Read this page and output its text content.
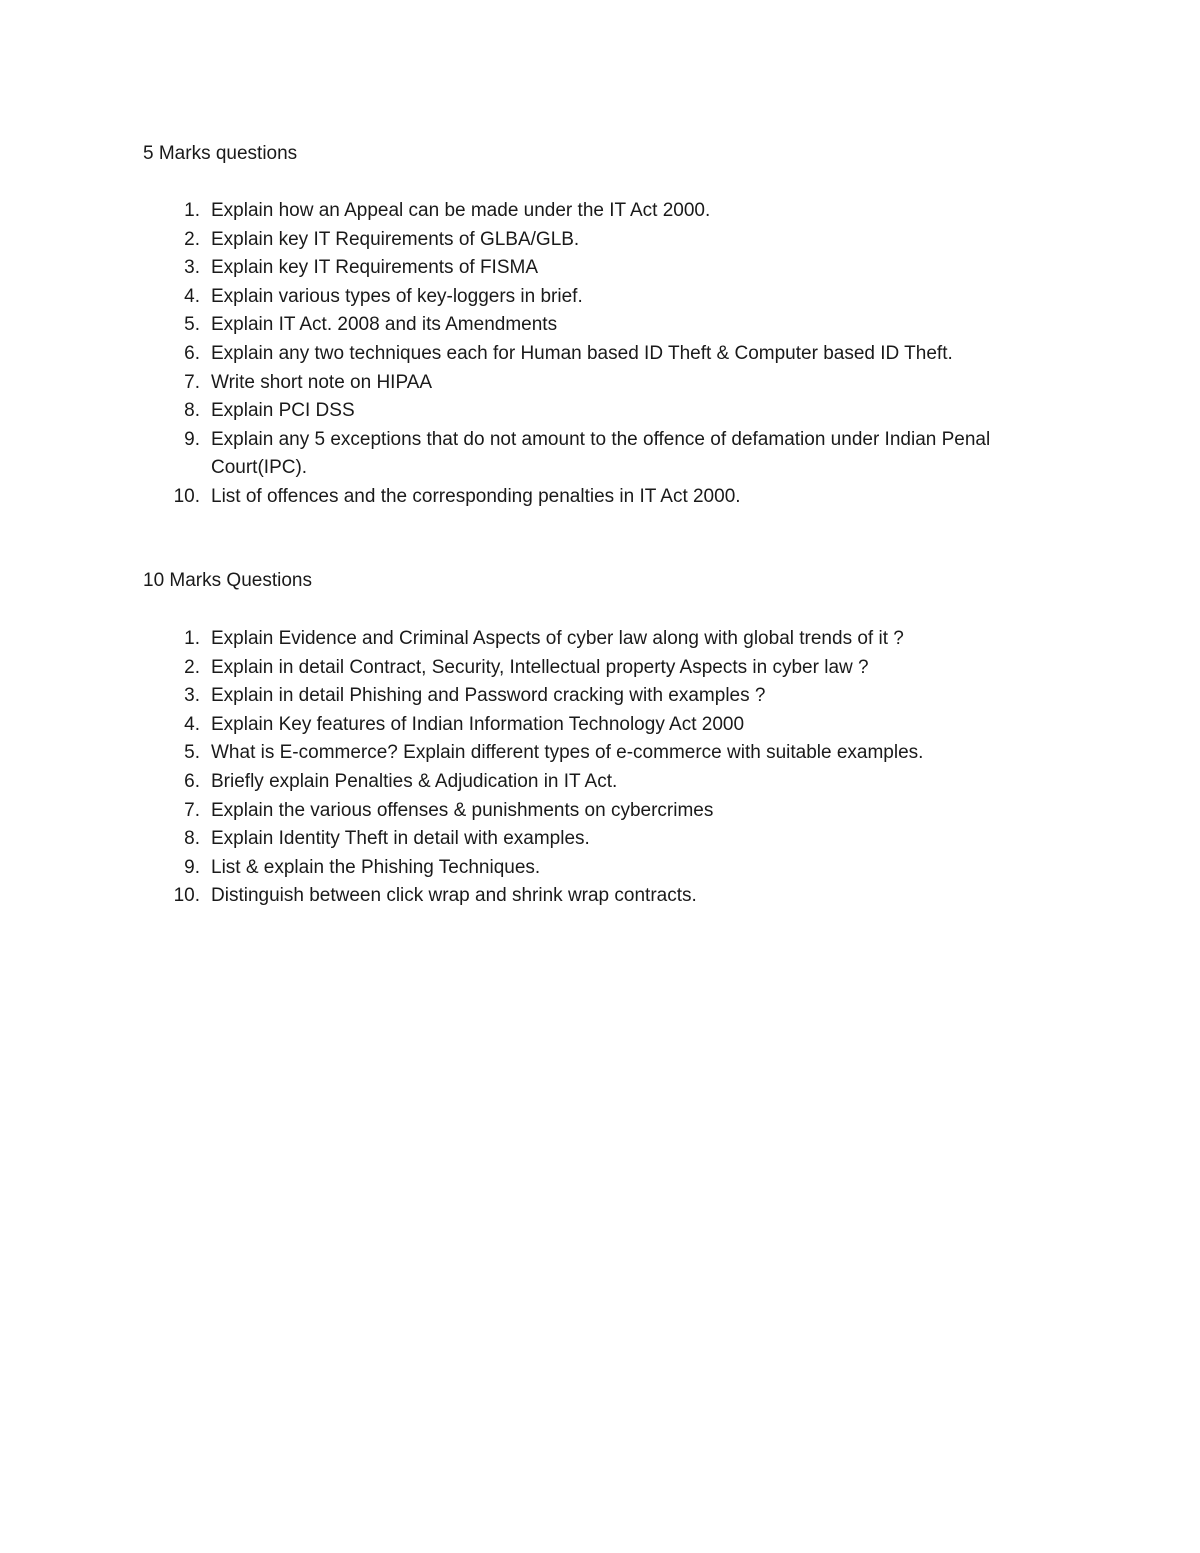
5 Marks questions
1. Explain how an Appeal can be made under the IT Act 2000.
2. Explain key IT Requirements of GLBA/GLB.
3. Explain key IT Requirements of FISMA
4. Explain various types of key-loggers in brief.
5. Explain IT Act. 2008 and its Amendments
6. Explain any two techniques each for Human based ID Theft & Computer based ID Theft.
7. Write short note on HIPAA
8. Explain PCI DSS
9. Explain any 5 exceptions that do not amount to the offence of defamation under Indian Penal Court(IPC).
10. List of offences and the corresponding penalties in IT Act 2000.
10 Marks Questions
1. Explain Evidence and Criminal Aspects of cyber law along with global trends of it ?
2. Explain in detail Contract, Security, Intellectual property Aspects in cyber law ?
3. Explain in detail Phishing and Password cracking with examples ?
4. Explain Key features of Indian Information Technology Act 2000
5. What is E-commerce? Explain different types of e-commerce with suitable examples.
6. Briefly explain Penalties & Adjudication in IT Act.
7. Explain the various offenses & punishments on cybercrimes
8. Explain Identity Theft in detail with examples.
9. List & explain the Phishing Techniques.
10. Distinguish between click wrap and shrink wrap contracts.
